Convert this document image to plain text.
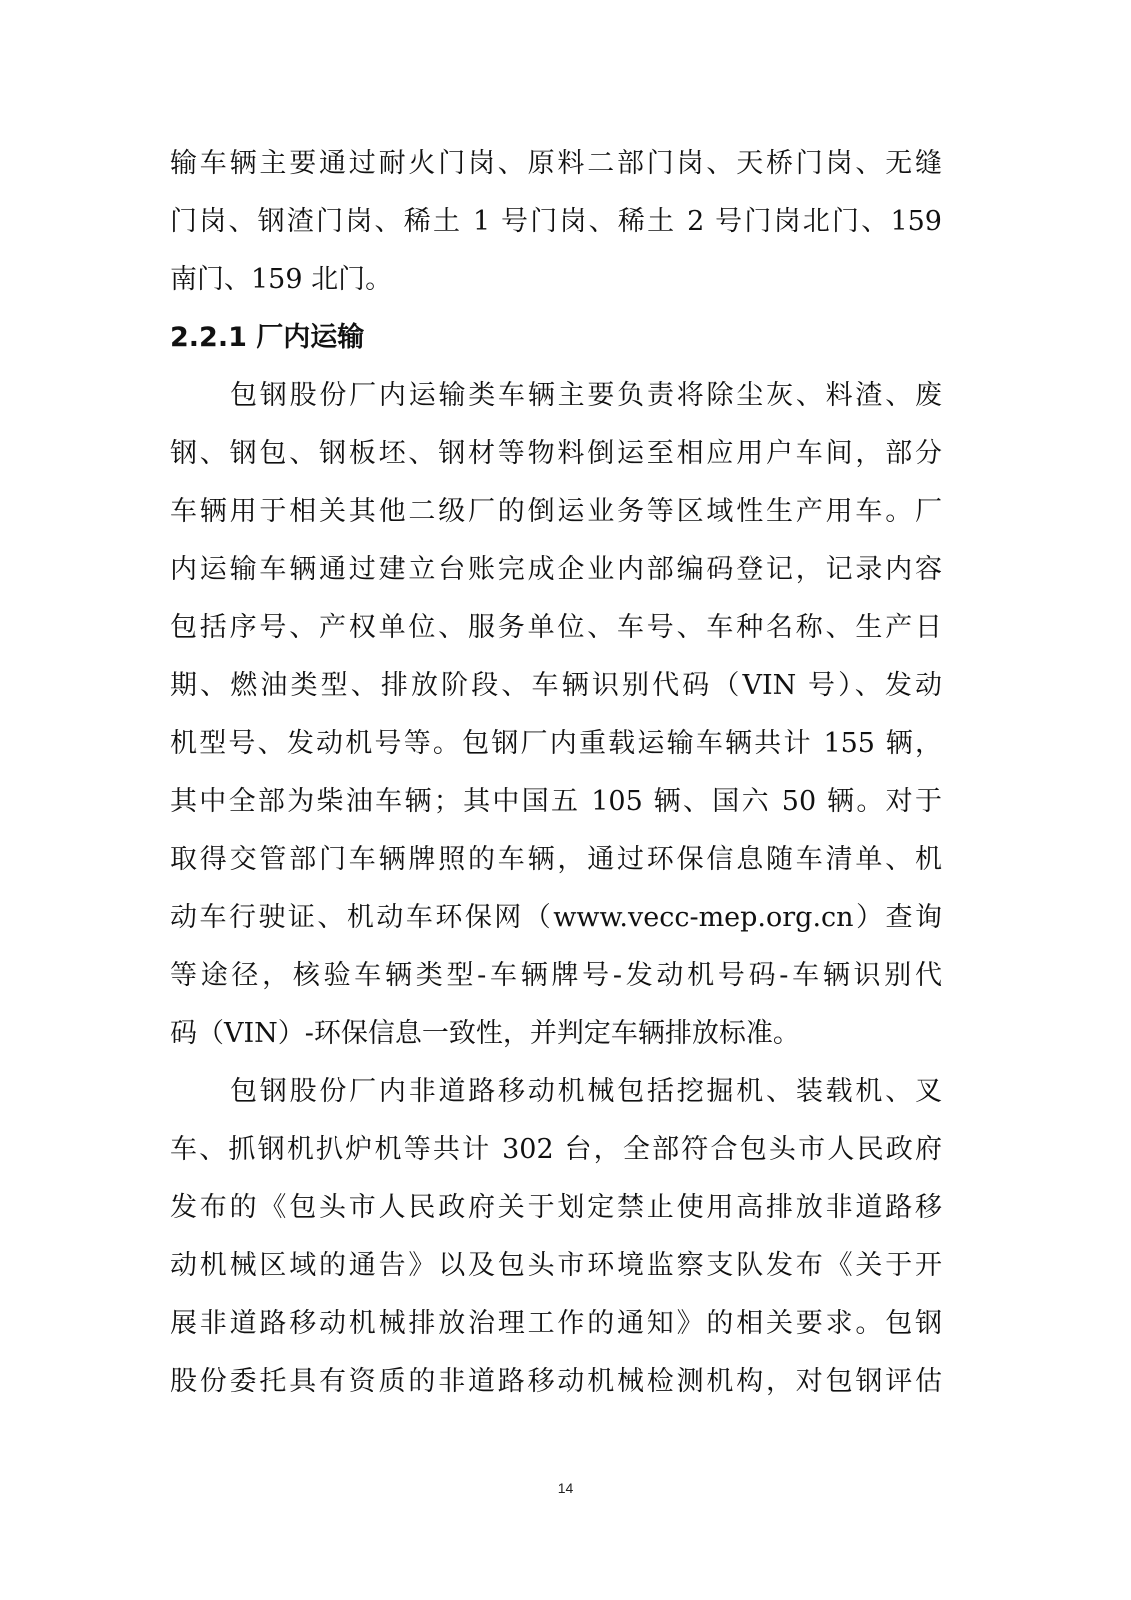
输车辆主要通过耐火门岗、原料二部门岗、天桥门岗、无缝
门岗、钢渣门岗、稀土 1 号门岗、稀土 2 号门岗北门、159
南门、159 北门。
2.2.1 厂内运输
包钢股份厂内运输类车辆主要负责将除尘灰、料渣、废
钢、钢包、钢板坯、钢材等物料倒运至相应用户车间，部分
车辆用于相关其他二级厂的倒运业务等区域性生产用车。厂
内运输车辆通过建立台账完成企业内部编码登记，记录内容
包括序号、产权单位、服务单位、车号、车种名称、生产日
期、燃油类型、排放阶段、车辆识别代码（VIN 号）、发动
机型号、发动机号等。包钢厂内重载运输车辆共计 155 辆，
其中全部为柴油车辆；其中国五 105 辆、国六 50 辆。对于
取得交管部门车辆牌照的车辆，通过环保信息随车清单、机
动车行驶证、机动车环保网（www.vecc-mep.org.cn）查询
等途径，核验车辆类型-车辆牌号-发动机号码-车辆识别代
码（VIN）-环保信息一致性，并判定车辆排放标准。
包钢股份厂内非道路移动机械包括挖掘机、装载机、叉
车、抓钢机扒炉机等共计 302 台，全部符合包头市人民政府
发布的《包头市人民政府关于划定禁止使用高排放非道路移
动机械区域的通告》以及包头市环境监察支队发布《关于开
展非道路移动机械排放治理工作的通知》的相关要求。包钢
股份委托具有资质的非道路移动机械检测机构，对包钢评估
14
